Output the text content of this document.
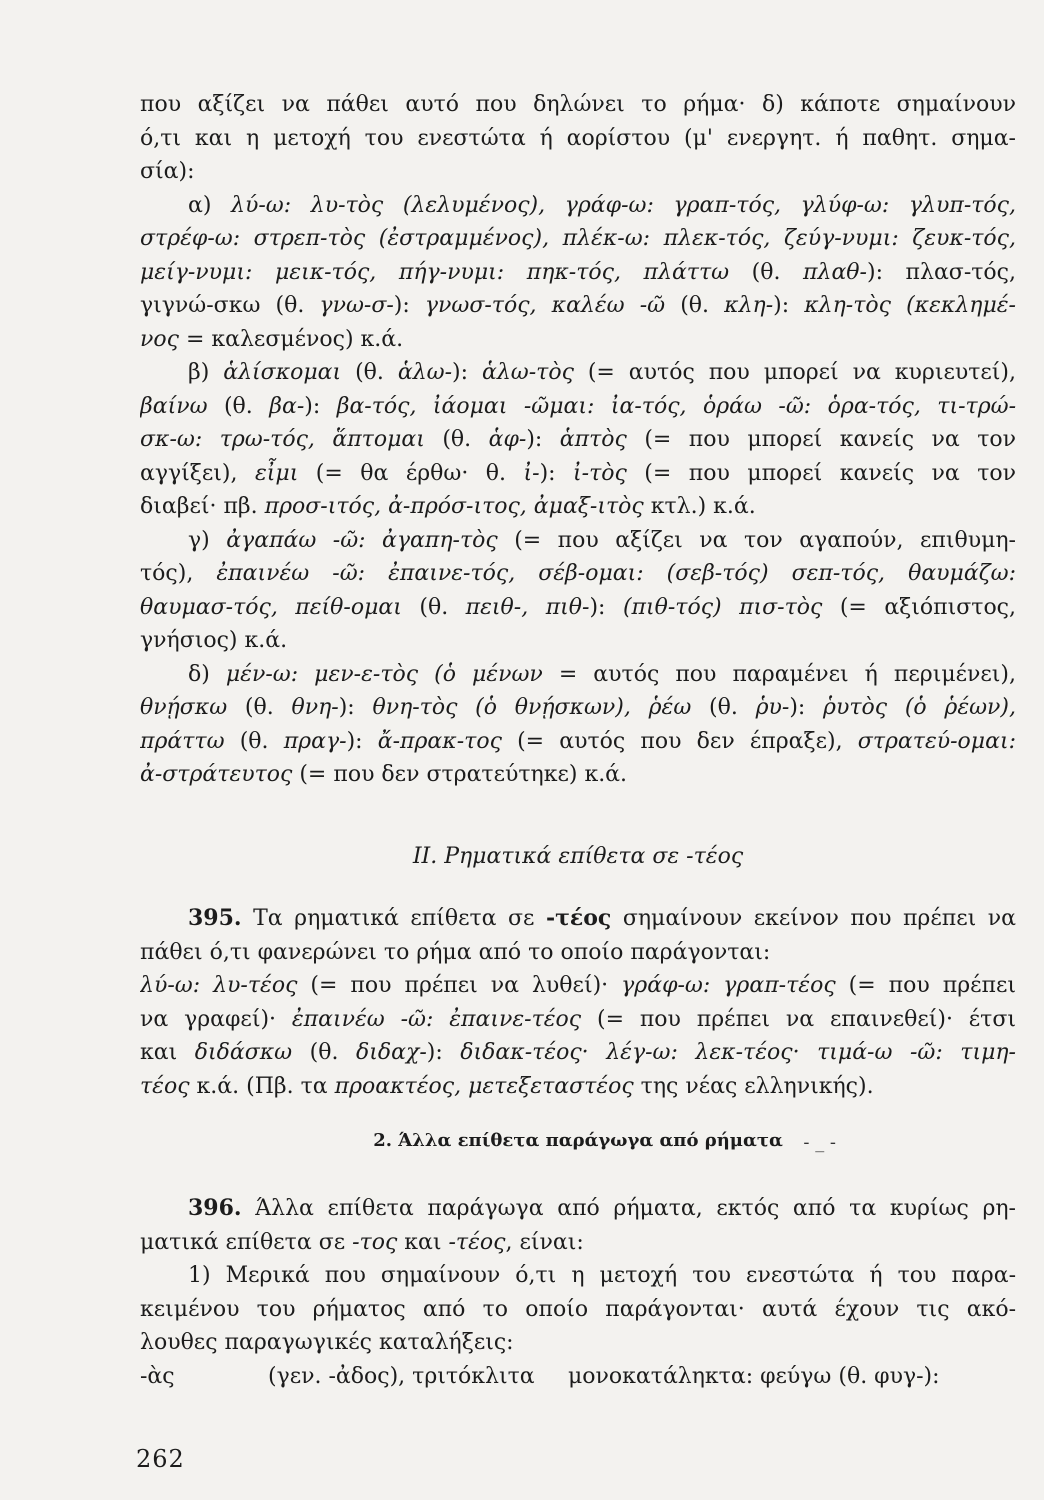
που αξίζει να πάθει αυτό που δηλώνει το ρήμα· δ) κάποτε σημαίνουν
ό,τι και η μετοχή του ενεστώτα ή αορίστου (μ' ενεργητ. ή παθητ. σημα-
σία):
α) λύ-ω: λυ-τὸς (λελυμένος), γράφ-ω: γραπ-τός, γλύφ-ω: γλυπ-τός,
στρέφ-ω: στρεπ-τὸς (ἐστραμμένος), πλέκ-ω: πλεκ-τός, ζεύγ-νυμι: ζευκ-τός,
μείγ-νυμι: μεικ-τός, πήγ-νυμι: πηκ-τός, πλάττω (θ. πλαθ-): πλασ-τός,
γιγνώ-σκω (θ. γνω-σ-): γνωσ-τός, καλέω -ῶ (θ. κλη-): κλη-τὸς (κεκλημέ-
νος = καλεσμένος) κ.ά.
β) ἁλίσκομαι (θ. ἁλω-): ἁλω-τὸς (= αυτός που μπορεί να κυριευτεί),
βαίνω (θ. βα-): βα-τός, ἰάομαι -ῶμαι: ἰα-τός, ὁράω -ῶ: ὁρα-τός, τι-τρώ-
σκ-ω: τρω-τός, ἅπτομαι (θ. ἁφ-): ἁπτὸς (= που μπορεί κανείς να τον
αγγίξει), εἶμι (= θα έρθω· θ. ἰ-): ἰ-τὸς (= που μπορεί κανείς να τον
διαβεί· πβ. προσ-ιτός, ἀ-πρόσ-ιτος, ἀμαξ-ιτὸς κτλ.) κ.ά.
γ) ἀγαπάω -ῶ: ἀγαπη-τὸς (= που αξίζει να τον αγαπούν, επιθυμη-
τός), ἐπαινέω -ῶ: ἐπαινε-τός, σέβ-ομαι: (σεβ-τός) σεπ-τός, θαυμάζω:
θαυμασ-τός, πείθ-ομαι (θ. πειθ-, πιθ-): (πιθ-τός) πισ-τὸς (= αξιόπιστος,
γνήσιος) κ.ά.
δ) μέν-ω: μεν-ε-τὸς (ὁ μένων = αυτός που παραμένει ή περιμένει),
θνῄσκω (θ. θνη-): θνη-τὸς (ὁ θνῄσκων), ῥέω (θ. ῥυ-): ῥυτὸς (ὁ ῥέων),
πράττω (θ. πραγ-): ἄ-πρακ-τος (= αυτός που δεν έπραξε), στρατεύ-ομαι:
ἀ-στράτευτος (= που δεν στρατεύτηκε) κ.ά.
II. Ρηματικά επίθετα σε -τέος
395. Τα ρηματικά επίθετα σε -τέος σημαίνουν εκείνον που πρέπει να
πάθει ό,τι φανερώνει το ρήμα από το οποίο παράγονται:
λύ-ω: λυ-τέος (= που πρέπει να λυθεί)· γράφ-ω: γραπ-τέος (= που πρέπει
να γραφεί)· ἐπαινέω -ῶ: ἐπαινε-τέος (= που πρέπει να επαινεθεί)· έτσι
και διδάσκω (θ. διδαχ-): διδακ-τέος· λέγ-ω: λεκ-τέος· τιμά-ω -ῶ: τιμη-
τέος κ.ά. (Πβ. τα προακτέος, μετεξεταστέος της νέας ελληνικής).
2. Άλλα επίθετα παράγωγα από ρήματα ‑ _ ‑
396. Άλλα επίθετα παράγωγα από ρήματα, εκτός από τα κυρίως ρη-
ματικά επίθετα σε -τος και -τέος, είναι:
1) Μερικά που σημαίνουν ό,τι η μετοχή του ενεστώτα ή του παρα-
κειμένου του ρήματος από το οποίο παράγονται· αυτά έχουν τις ακό-
λουθες παραγωγικές καταλήξεις:
-ὰς	(γεν. -ἀδος), τριτόκλιτα μονοκατάληκτα: φεύγω (θ. φυγ-):
262
